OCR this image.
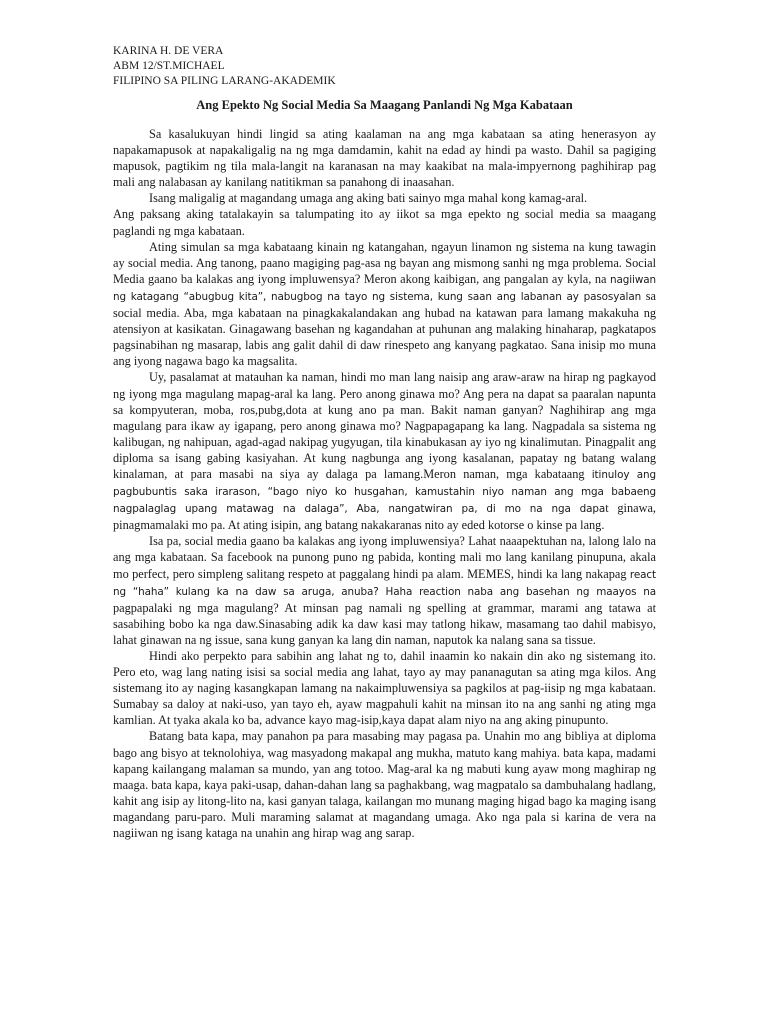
KARINA H. DE VERA
ABM 12/ST.MICHAEL
FILIPINO SA PILING LARANG-AKADEMIK
Ang Epekto Ng Social Media Sa Maagang Panlandi Ng Mga Kabataan

Sa kasalukuyan hindi lingid sa ating kaalaman na ang mga kabataan sa ating henerasyon ay napakamapusok at napakaligalig na ng mga damdamin, kahit na edad ay hindi pa wasto. Dahil sa pagiging mapusok, pagtikim ng tila mala-langit na karanasan na may kaakibat na mala-impyernong paghihirap pag mali ang nalabasan ay kanilang natitikman sa panahong di inaasahan.

Isang maligalig at magandang umaga ang aking bati sainyo mga mahal kong kamag-aral.

Ang paksang aking tatalakayin sa talumpating ito ay iikot sa mga epekto ng social media sa maagang paglandi ng mga kabataan.

Ating simulan sa mga kabataang kinain ng katangahan, ngayun linamon ng sistema na kung tawagin ay social media. Ang tanong, paano magiging pag-asa ng bayan ang mismong sanhi ng mga problema. Social Media gaano ba kalakas ang iyong impluwensya? Meron akong kaibigan, ang pangalan ay kyla, na nagiiwan ng katagang “abugbug kita”, nabugbog na tayo ng sistema, kung saan ang labanan ay pasosyalan sa social media. Aba, mga kabataan na pinagkakalandakan ang hubad na katawan para lamang makakuha ng atensiyon at kasikatan. Ginagawang basehan ng kagandahan at puhunan ang malaking hinaharap, pagkatapos pagsinabihan ng masarap, labis ang galit dahil di daw rinespeto ang kanyang pagkatao. Sana inisip mo muna ang iyong nagawa bago ka magsalita.

Uy, pasalamat at matauhan ka naman, hindi mo man lang naisip ang araw-araw na hirap ng pagkayod ng iyong mga magulang mapag-aral ka lang. Pero anong ginawa mo? Ang pera na dapat sa paaralan napunta sa kompyuteran, moba, ros,pubg,dota at kung ano pa man. Bakit naman ganyan? Naghihirap ang mga magulang para ikaw ay igapang, pero anong ginawa mo? Nagpapagapang ka lang. Nagpadala sa sistema ng kalibugan, ng nahipuan, agad-agad nakipag yugyugan, tila kinabukasan ay iyo ng kinalimutan. Pinagpalit ang diploma sa isang gabing kasiyahan. At kung nagbunga ang iyong kasalanan, papatay ng batang walang kinalaman, at para masabi na siya ay dalaga pa lamang.Meron naman, mga kabataang itinuloy ang pagbubuntis saka irarason, “bago niyo ko husgahan, kamustahin niyo naman ang mga babaeng nagpalaglag upang matawag na dalaga”, Aba, nangatwiran pa, di mo na nga dapat ginawa, pinagmamalaki mo pa. At ating isipin, ang batang nakakaranas nito ay eded kotorse o kinse pa lang.

Isa pa, social media gaano ba kalakas ang iyong impluwensiya? Lahat naaapektuhan na, lalong lalo na ang mga kabataan. Sa facebook na punong puno ng pabida, konting mali mo lang kanilang pinupuna, akala mo perfect, pero simpleng salitang respeto at paggalang hindi pa alam. MEMES, hindi ka lang nakapag react ng “haha” kulang ka na daw sa aruga, anuba? Haha reaction naba ang basehan ng maayos na pagpapalaki ng mga magulang? At minsan pag namali ng spelling at grammar, marami ang tatawa at sasabihing bobo ka nga daw.Sinasabing adik ka daw kasi may tatlong hikaw, masamang tao dahil mabisyo, lahat ginawan na ng issue, sana kung ganyan ka lang din naman, naputok ka nalang sana sa tissue.

Hindi ako perpekto para sabihin ang lahat ng to, dahil inaamin ko nakain din ako ng sistemang ito. Pero eto, wag lang nating isisi sa social media ang lahat, tayo ay may pananagutan sa ating mga kilos. Ang sistemang ito ay naging kasangkapan lamang na nakaimpluwensiya sa pagkilos at pag-iisip ng mga kabataan. Sumabay sa daloy at naki-uso, yan tayo eh, ayaw magpahuli kahit na minsan ito na ang sanhi ng ating mga kamlian. At tyaka akala ko ba, advance kayo mag-isip,kaya dapat alam niyo na ang aking pinupunto.

Batang bata kapa, may panahon pa para masabing may pagasa pa. Unahin mo ang bibliya at diploma bago ang bisyo at teknolohiya, wag masyadong makapal ang mukha, matuto kang mahiya. bata kapa, madami kapang kailangang malaman sa mundo, yan ang totoo. Mag-aral ka ng mabuti kung ayaw mong maghirap ng maaga. bata kapa, kaya paki-usap, dahan-dahan lang sa paghakbang, wag magpatalo sa dambuhalang hadlang, kahit ang isip ay litong-lito na, kasi ganyan talaga, kailangan mo munang maging higad bago ka maging isang magandang paru-paro. Muli maraming salamat at magandang umaga. Ako nga pala si karina de vera na nagiiwan ng isang kataga na unahin ang hirap wag ang sarap.
